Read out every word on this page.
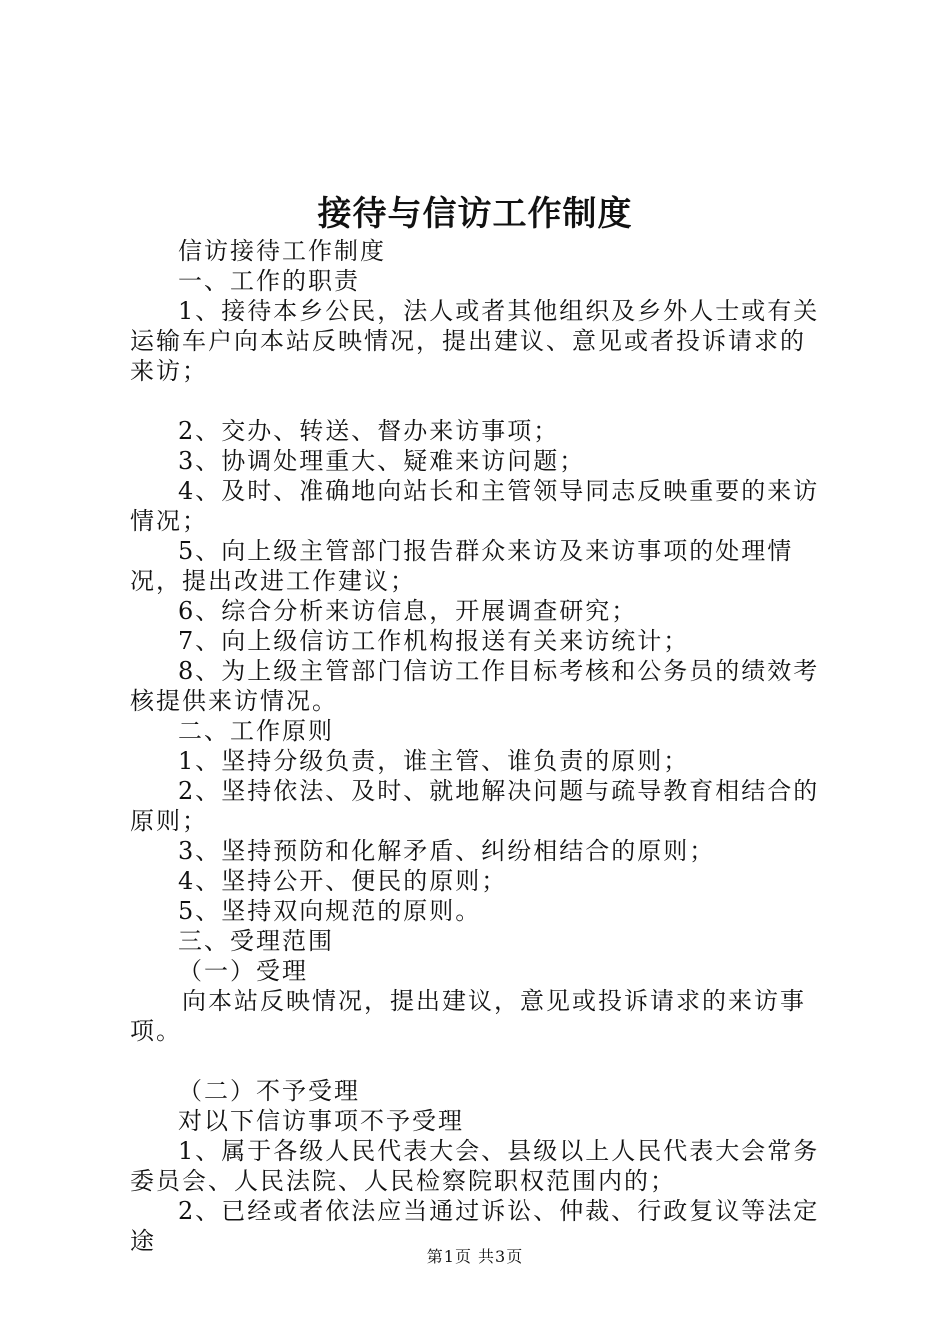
接待与信访工作制度

信访接待工作制度

一、工作的职责

1、接待本乡公民，法人或者其他组织及乡外人士或有关运输车户向本站反映情况，提出建议、意见或者投诉请求的来访；

2、交办、转送、督办来访事项；

3、协调处理重大、疑难来访问题；

4、及时、准确地向站长和主管领导同志反映重要的来访情况；

5、向上级主管部门报告群众来访及来访事项的处理情况，提出改进工作建议；

6、综合分析来访信息，开展调查研究；

7、向上级信访工作机构报送有关来访统计；

8、为上级主管部门信访工作目标考核和公务员的绩效考核提供来访情况。

二、工作原则

1、坚持分级负责，谁主管、谁负责的原则；

2、坚持依法、及时、就地解决问题与疏导教育相结合的原则；

3、坚持预防和化解矛盾、纠纷相结合的原则；

4、坚持公开、便民的原则；

5、坚持双向规范的原则。

三、受理范围

（一）受理

向本站反映情况，提出建议，意见或投诉请求的来访事项。

（二）不予受理

对以下信访事项不予受理

1、属于各级人民代表大会、县级以上人民代表大会常务委员会、人民法院、人民检察院职权范围内的；

2、已经或者依法应当通过诉讼、仲裁、行政复议等法定途

第1页 共3页
